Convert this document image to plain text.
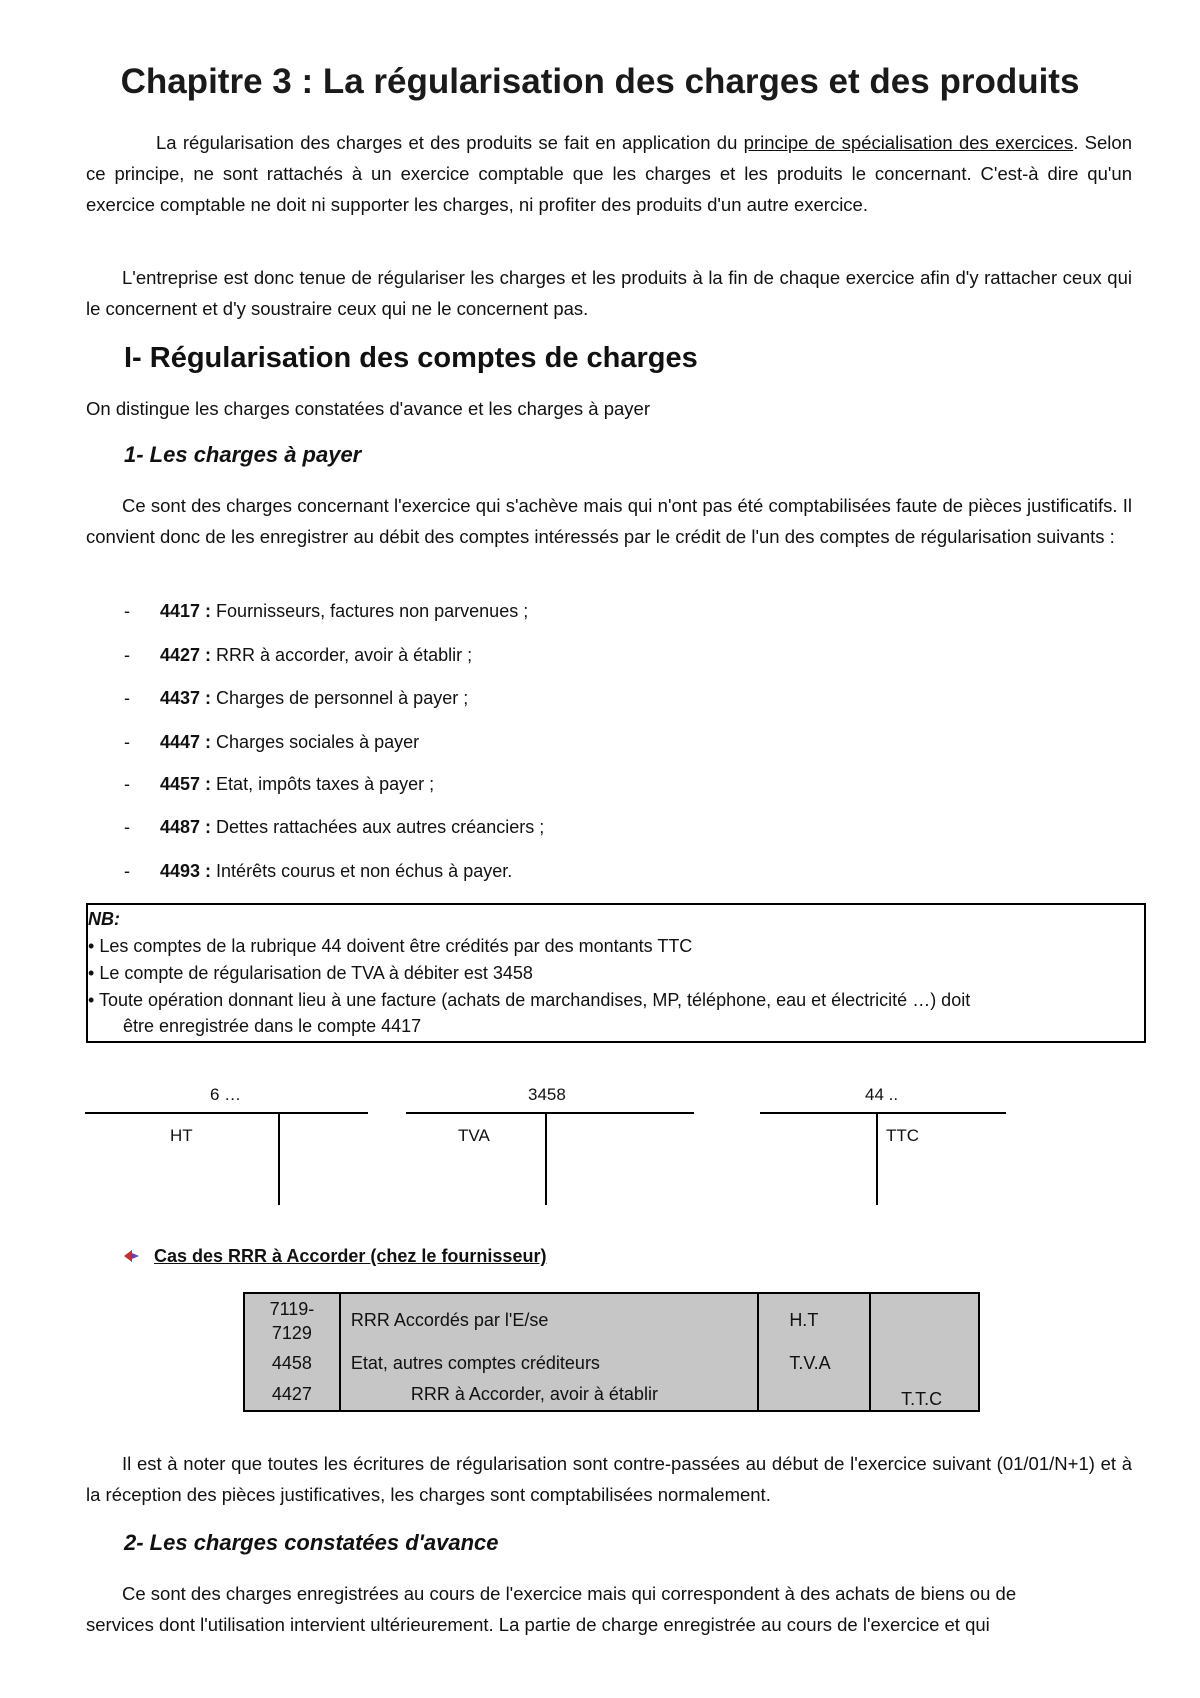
Chapitre 3 : La régularisation des charges et des produits
La régularisation des charges et des produits se fait en application du principe de spécialisation des exercices. Selon ce principe, ne sont rattachés à un exercice comptable que les charges et les produits le concernant. C'est-à dire qu'un exercice comptable ne doit ni supporter les charges, ni profiter des produits d'un autre exercice.
L'entreprise est donc tenue de régulariser les charges et les produits à la fin de chaque exercice afin d'y rattacher ceux qui le concernent et d'y soustraire ceux qui ne le concernent pas.
I- Régularisation des comptes de charges
On distingue les charges constatées d'avance et les charges à payer
1- Les charges à payer
Ce sont des charges concernant l'exercice qui s'achève mais qui n'ont pas été comptabilisées faute de pièces justificatifs. Il convient donc de les enregistrer au débit des comptes intéressés par le crédit de l'un des comptes de régularisation suivants :
- 4417 : Fournisseurs, factures non parvenues ;
- 4427 : RRR à accorder, avoir à établir ;
- 4437 : Charges de personnel à payer ;
- 4447 : Charges sociales à payer
- 4457 : Etat, impôts taxes à payer ;
- 4487 : Dettes rattachées aux autres créanciers ;
- 4493 : Intérêts courus et non échus à payer.
NB:
• Les comptes de la rubrique 44 doivent être crédités par des montants TTC
• Le compte de régularisation de TVA à débiter est 3458
• Toute opération donnant lieu à une facture (achats de marchandises, MP, téléphone, eau et électricité …) doit
être enregistrée dans le compte 4417
6 …
HT
3458
TVA
44 ..
TTC
Cas des RRR à Accorder (chez le fournisseur)
7119-
7129	RRR Accordés par l'E/se	H.T	
4458	Etat, autres comptes créditeurs	T.V.A	
4427	RRR à Accorder, avoir à établir		T.T.C
Il est à noter que toutes les écritures de régularisation sont contre-passées au début de l'exercice suivant (01/01/N+1) et à la réception des pièces justificatives, les charges sont comptabilisées normalement.
2- Les charges constatées d'avance
Ce sont des charges enregistrées au cours de l'exercice mais qui correspondent à des achats de biens ou de
services dont l'utilisation intervient ultérieurement. La partie de charge enregistrée au cours de l'exercice et qui
